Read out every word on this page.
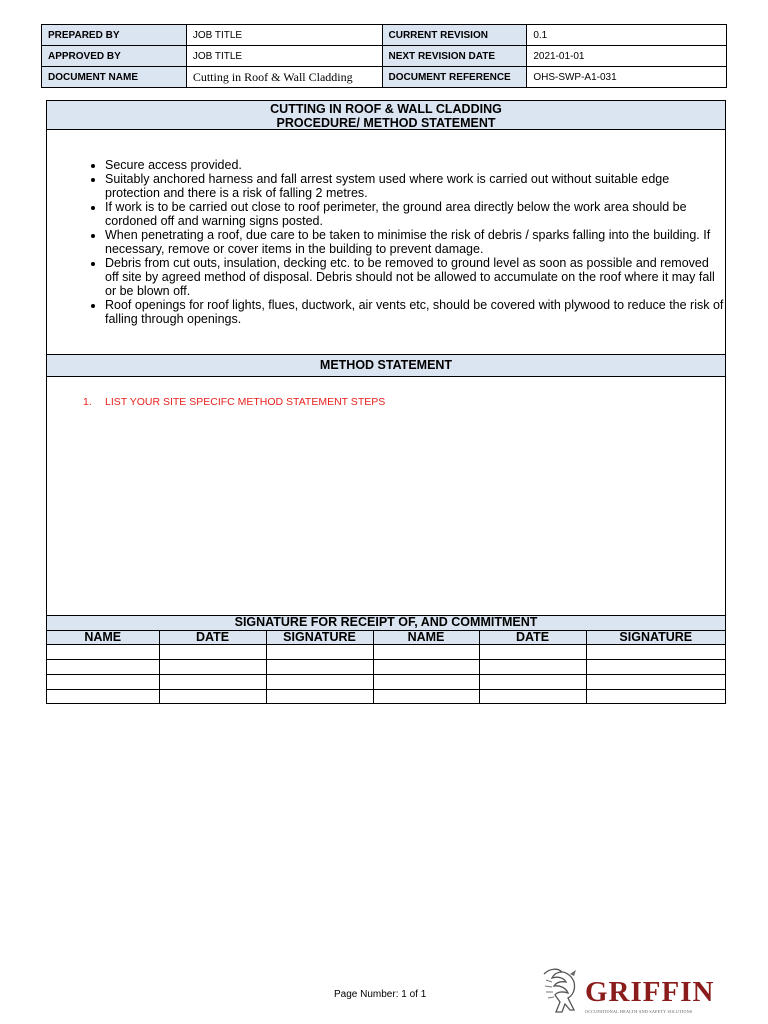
PREPARED BY	JOB TITLE	CURRENT REVISION	0.1
APPROVED BY	JOB TITLE	NEXT REVISION DATE	2021-01-01
DOCUMENT NAME	Cutting in Roof & Wall Cladding	DOCUMENT REFERENCE	OHS-SWP-A1-031
CUTTING IN ROOF & WALL CLADDING
PROCEDURE/ METHOD STATEMENT
• Secure access provided.
• Suitably anchored harness and fall arrest system used where work is carried out without suitable edge protection and there is a risk of falling 2 metres.
• If work is to be carried out close to roof perimeter, the ground area directly below the work area should be cordoned off and warning signs posted.
• When penetrating a roof, due care to be taken to minimise the risk of debris / sparks falling into the building. If necessary, remove or cover items in the building to prevent damage.
• Debris from cut outs, insulation, decking etc. to be removed to ground level as soon as possible and removed off site by agreed method of disposal. Debris should not be allowed to accumulate on the roof where it may fall or be blown off.
• Roof openings for roof lights, flues, ductwork, air vents etc, should be covered with plywood to reduce the risk of falling through openings.
METHOD STATEMENT
1. LIST YOUR SITE SPECIFC METHOD STATEMENT STEPS
SIGNATURE FOR RECEIPT OF, AND COMMITMENT
NAME	DATE	SIGNATURE	NAME	DATE	SIGNATURE

Page Number: 1 of 1	GRIFFIN
OCCUPATIONAL HEALTH AND SAFETY SOLUTIONS
